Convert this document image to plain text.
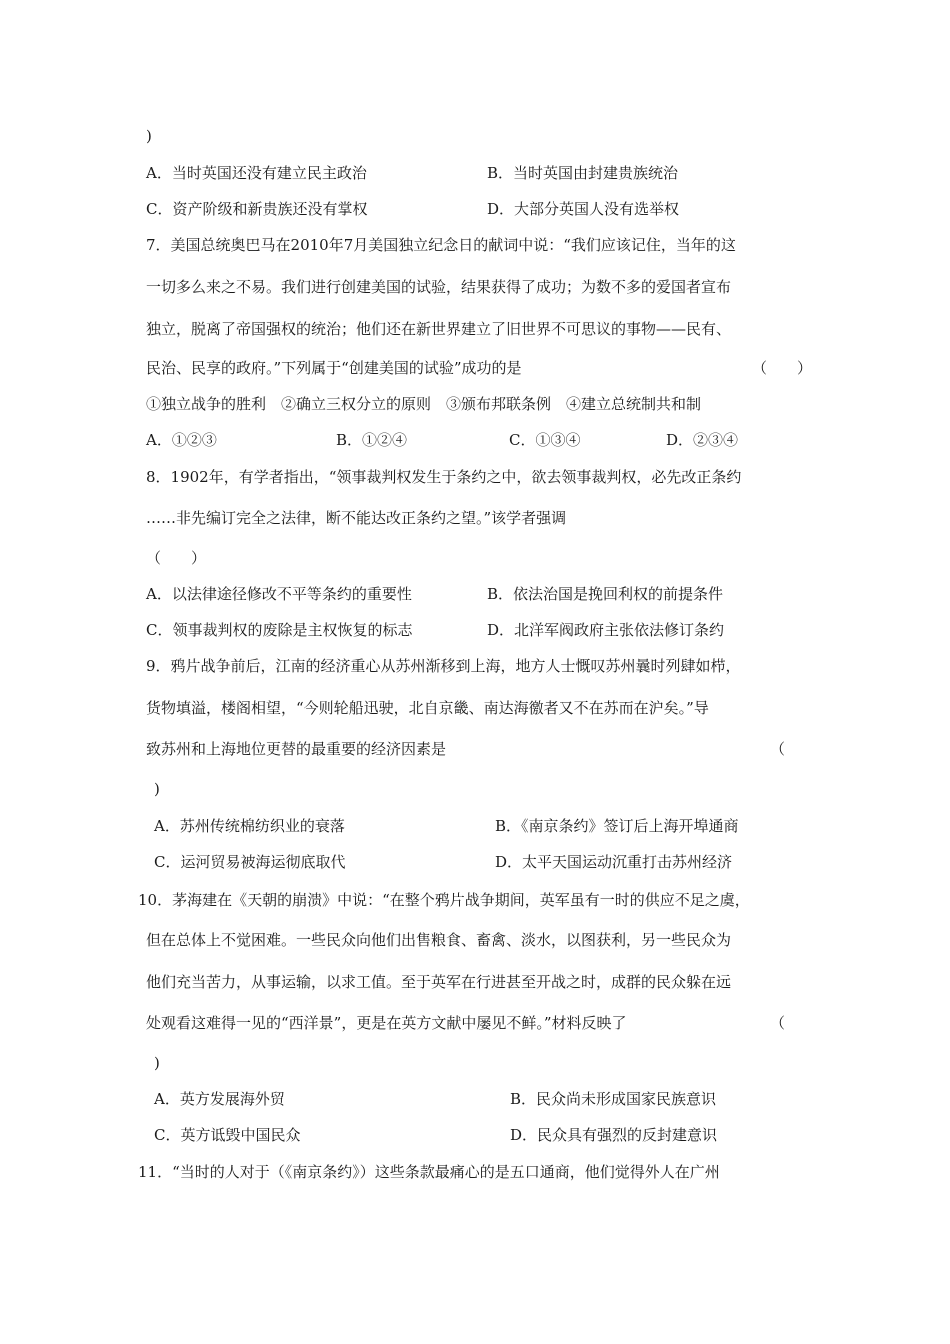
)
A．当时英国还没有建立民主政治	B．当时英国由封建贵族统治
C．资产阶级和新贵族还没有掌权	D．大部分英国人没有选举权
7．美国总统奥巴马在2010年7月美国独立纪念日的献词中说：“我们应该记住，当年的这
一切多么来之不易。我们进行创建美国的试验，结果获得了成功；为数不多的爱国者宣布
独立，脱离了帝国强权的统治；他们还在新世界建立了旧世界不可思议的事物——民有、
民治、民享的政府。”下列属于“创建美国的试验”成功的是	（　　）
①独立战争的胜利　②确立三权分立的原则　③颁布邦联条例　④建立总统制共和制
A．①②③	B．①②④	C．①③④	D．②③④
8．1902年，有学者指出，“领事裁判权发生于条约之中，欲去领事裁判权，必先改正条约
……非先编订完全之法律，断不能达改正条约之望。”该学者强调
（　　）
A．以法律途径修改不平等条约的重要性	B．依法治国是挽回利权的前提条件
C．领事裁判权的废除是主权恢复的标志	D．北洋军阀政府主张依法修订条约
9．鸦片战争前后，江南的经济重心从苏州渐移到上海，地方人士慨叹苏州曩时列肆如栉，
货物填溢，楼阁相望，“今则轮船迅驶，北自京畿、南达海徼者又不在苏而在沪矣。”导
致苏州和上海地位更替的最重要的经济因素是	（
)
A．苏州传统棉纺织业的衰落	B．《南京条约》签订后上海开埠通商
C．运河贸易被海运彻底取代	D．太平天国运动沉重打击苏州经济
10．茅海建在《天朝的崩溃》中说：“在整个鸦片战争期间，英军虽有一时的供应不足之虞，
但在总体上不觉困难。一些民众向他们出售粮食、畜禽、淡水，以图获利，另一些民众为
他们充当苦力，从事运输，以求工值。至于英军在行进甚至开战之时，成群的民众躲在远
处观看这难得一见的“西洋景”，更是在英方文献中屡见不鲜。”材料反映了	（
)
A．英方发展海外贸	B．民众尚未形成国家民族意识
C．英方诋毁中国民众	D．民众具有强烈的反封建意识
11．“当时的人对于（《南京条约》）这些条款最痛心的是五口通商，他们觉得外人在广州
